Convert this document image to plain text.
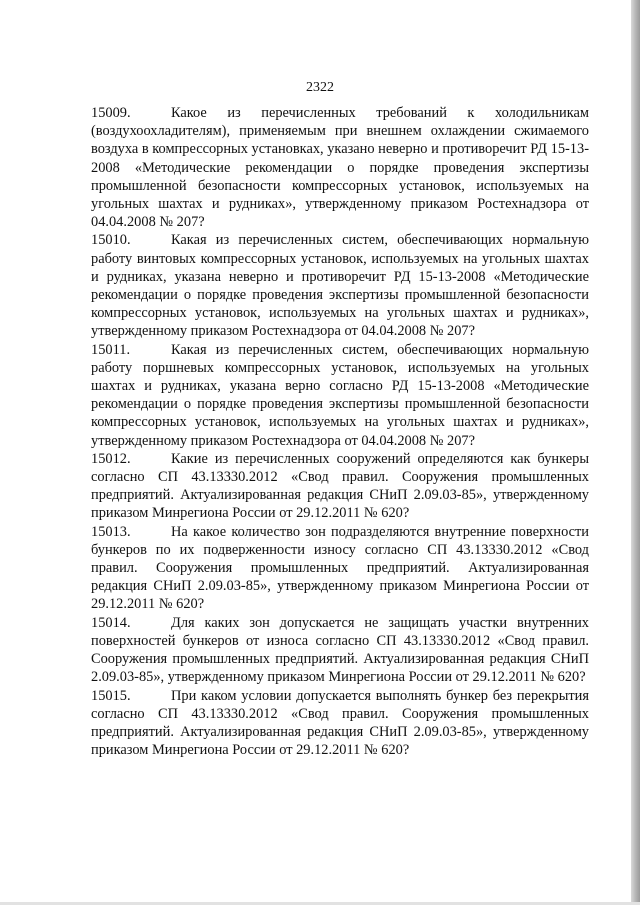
2322

15009.	Какое из перечисленных требований к холодильникам (воздухоохладителям), применяемым при внешнем охлаждении сжимаемого воздуха в компрессорных установках, указано неверно и противоречит РД 15-13-2008 «Методические рекомендации о порядке проведения экспертизы промышленной безопасности компрессорных установок, используемых на угольных шахтах и рудниках», утвержденному приказом Ростехнадзора от 04.04.2008 № 207?

15010.	Какая из перечисленных систем, обеспечивающих нормальную работу винтовых компрессорных установок, используемых на угольных шахтах и рудниках, указана неверно и противоречит РД 15-13-2008 «Методические рекомендации о порядке проведения экспертизы промышленной безопасности компрессорных установок, используемых на угольных шахтах и рудниках», утвержденному приказом Ростехнадзора от 04.04.2008 № 207?

15011.	Какая из перечисленных систем, обеспечивающих нормальную работу поршневых компрессорных установок, используемых на угольных шахтах и рудниках, указана верно согласно РД 15-13-2008 «Методические рекомендации о порядке проведения экспертизы промышленной безопасности компрессорных установок, используемых на угольных шахтах и рудниках», утвержденному приказом Ростехнадзора от 04.04.2008 № 207?

15012.	Какие из перечисленных сооружений определяются как бункеры согласно СП 43.13330.2012 «Свод правил. Сооружения промышленных предприятий. Актуализированная редакция СНиП 2.09.03-85», утвержденному приказом Минрегиона России от 29.12.2011 № 620?

15013.	На какое количество зон подразделяются внутренние поверхности бункеров по их подверженности износу согласно СП 43.13330.2012 «Свод правил. Сооружения промышленных предприятий. Актуализированная редакция СНиП 2.09.03-85», утвержденному приказом Минрегиона России от 29.12.2011 № 620?

15014.	Для каких зон допускается не защищать участки внутренних поверхностей бункеров от износа согласно СП 43.13330.2012 «Свод правил. Сооружения промышленных предприятий. Актуализированная редакция СНиП 2.09.03-85», утвержденному приказом Минрегиона России от 29.12.2011 № 620?

15015.	При каком условии допускается выполнять бункер без перекрытия согласно СП 43.13330.2012 «Свод правил. Сооружения промышленных предприятий. Актуализированная редакция СНиП 2.09.03-85», утвержденному приказом Минрегиона России от 29.12.2011 № 620?
